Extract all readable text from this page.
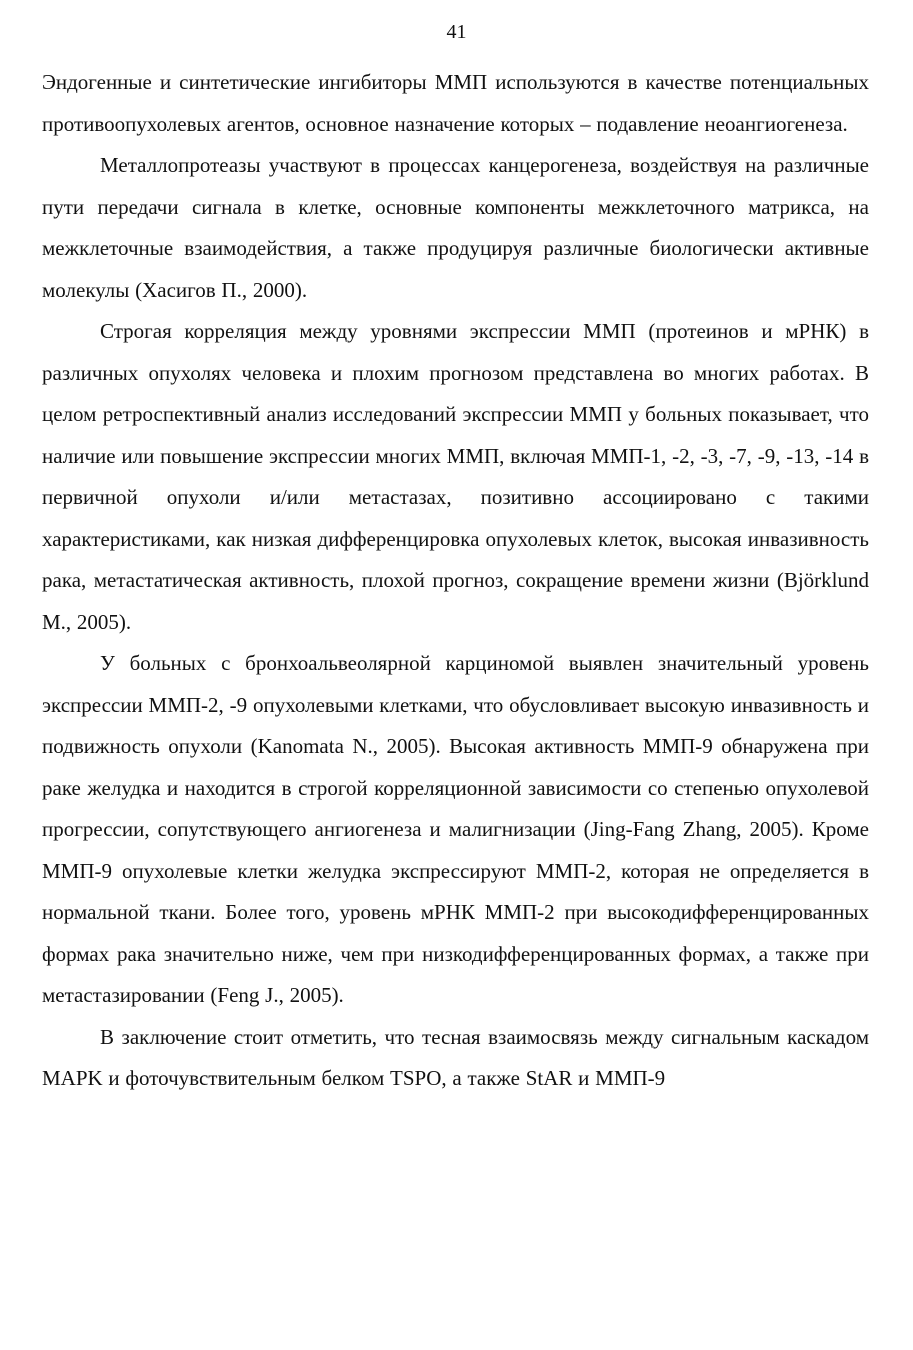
41

Эндогенные и синтетические ингибиторы ММП используются в качестве потенциальных противоопухолевых агентов, основное назначение которых – подавление неоангиогенеза.

Металлопротеазы участвуют в процессах канцерогенеза, воздействуя на различные пути передачи сигнала в клетке, основные компоненты межклеточного матрикса, на межклеточные взаимодействия, а также продуцируя различные биологически активные молекулы (Хасигов П., 2000).

Строгая корреляция между уровнями экспрессии ММП (протеинов и мРНК) в различных опухолях человека и плохим прогнозом представлена во многих работах. В целом ретроспективный анализ исследований экспрессии ММП у больных показывает, что наличие или повышение экспрессии многих ММП, включая ММП-1, -2, -3, -7, -9, -13, -14 в первичной опухоли и/или метастазах, позитивно ассоциировано с такими характеристиками, как низкая дифференцировка опухолевых клеток, высокая инвазивность рака, метастатическая активность, плохой прогноз, сокращение времени жизни (Björklund M., 2005).

У больных с бронхоальвеолярной карциномой выявлен значительный уровень экспрессии ММП-2, -9 опухолевыми клетками, что обусловливает высокую инвазивность и подвижность опухоли (Kanomata N., 2005). Высокая активность ММП-9 обнаружена при раке желудка и находится в строгой корреляционной зависимости со степенью опухолевой прогрессии, сопутствующего ангиогенеза и малигнизации (Jing-Fang Zhang, 2005). Кроме ММП-9 опухолевые клетки желудка экспрессируют ММП-2, которая не определяется в нормальной ткани. Более того, уровень мРНК ММП-2 при высокодифференцированных формах рака значительно ниже, чем при низкодифференцированных формах, а также при метастазировании (Feng J., 2005).

В заключение стоит отметить, что тесная взаимосвязь между сигнальным каскадом MAPK и фоточувствительным белком TSPO, а также StAR и ММП-9
